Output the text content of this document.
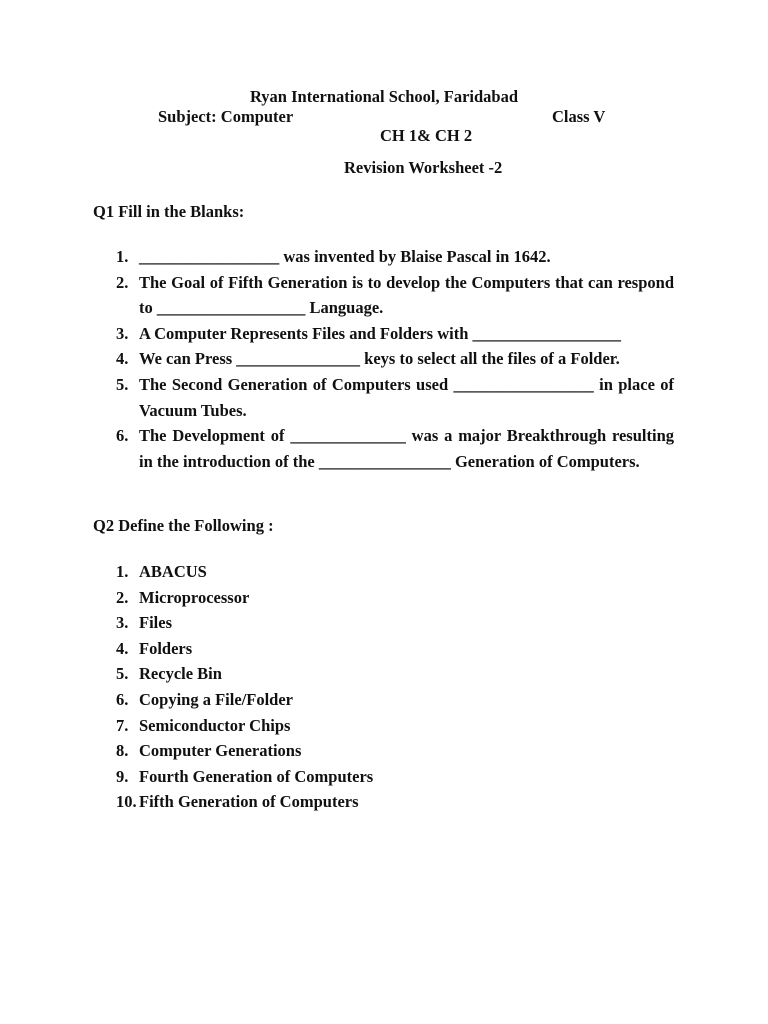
Ryan International School, Faridabad
Subject: Computer	Class V
CH 1& CH 2
Revision Worksheet -2
Q1 Fill in the Blanks:
1. _________________ was invented by Blaise Pascal in 1642.
2. The Goal of Fifth Generation is to develop the Computers that can respond to __________________ Language.
3. A Computer Represents Files and Folders with __________________
4. We can Press _______________ keys to select all the files of a Folder.
5. The Second Generation of Computers used _________________ in place of Vacuum Tubes.
6. The Development of ______________ was a major Breakthrough resulting in the introduction of the ________________ Generation of Computers.
Q2 Define the Following :
1. ABACUS
2. Microprocessor
3. Files
4. Folders
5. Recycle Bin
6. Copying a File/Folder
7. Semiconductor Chips
8. Computer Generations
9. Fourth Generation of Computers
10. Fifth Generation of Computers
